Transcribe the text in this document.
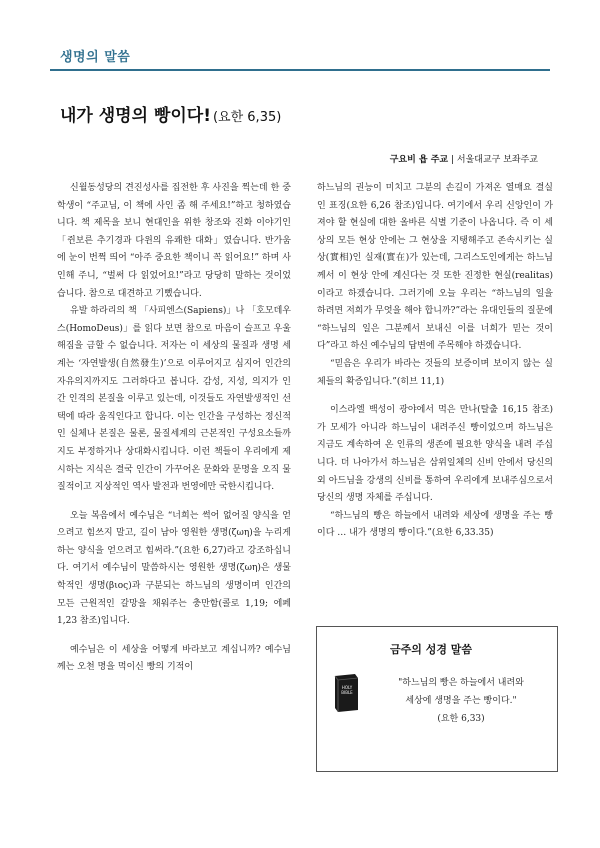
생명의 말씀
내가 생명의 빵이다! (요한 6,35)
구요비 욥 주교 | 서울대교구 보좌주교

신월동성당의 견진성사를 집전한 후 사진을 찍는데 한 중학생이 “주교님, 이 책에 사인 좀 해 주세요!”하고 청하였습니다. 책 제목을 보니 현대인을 위한 창조와 진화 이야기인 「쥔보른 추기경과 다윈의 유쾌한 대화」였습니다. 반가움에 눈이 번쩍 띄어 “아주 중요한 책이니 꼭 읽어요!” 하며 사인해 주니, “벌써 다 읽었어요!”라고 당당히 말하는 것이었습니다. 참으로 대견하고 기뻤습니다.

유발 하라리의 책 「사피엔스(Sapiens)」나 「호모데우스(HomoDeus)」를 읽다 보면 참으로 마음이 슬프고 우울해짐을 금할 수 없습니다. 저자는 이 세상의 물질과 생명 세계는 ‘자연발생(自然發生)’으로 이루어지고 심지어 인간의 자유의지까지도 그러하다고 봅니다. 감성, 지성, 의지가 인간 인격의 본질을 이루고 있는데, 이것들도 자연발생적인 선택에 따라 움직인다고 합니다. 이는 인간을 구성하는 정신적인 실체나 본질은 물론, 물질세계의 근본적인 구성요소들까지도 부정하거나 상대화시킵니다. 이런 책들이 우리에게 제시하는 지식은 결국 인간이 가꾸어온 문화와 문명을 오직 물질적이고 지상적인 역사 발전과 번영에만 국한시킵니다.

오늘 복음에서 예수님은 “너희는 썩어 없어질 양식을 얻으려고 힘쓰지 말고, 길이 남아 영원한 생명(ζωη)을 누리게 하는 양식을 얻으려고 힘써라.”(요한 6,27)라고 강조하십니다. 여기서 예수님이 말씀하시는 영원한 생명(ζωη)은 생물학적인 생명(βιος)과 구분되는 하느님의 생명이며 인간의 모든 근원적인 갈망을 채워주는 충만함(콜로 1,19; 에페 1,23 참조)입니다.

예수님은 이 세상을 어떻게 바라보고 계십니까? 예수님께는 오천 명을 먹이신 빵의 기적이

하느님의 권능이 미치고 그분의 손길이 가져온 열매요 결실인 표징(요한 6,26 참조)입니다. 여기에서 우리 신앙인이 가져야 할 현실에 대한 올바른 식별 기준이 나옵니다. 즉 이 세상의 모든 현상 안에는 그 현상을 지탱해주고 존속시키는 실상(實相)인 실재(實在)가 있는데, 그리스도인에게는 하느님께서 이 현상 안에 계신다는 것 또한 진정한 현실(realitas)이라고 하겠습니다. 그러기에 오늘 우리는 “하느님의 일을 하려면 저희가 무엇을 해야 합니까?”라는 유대인들의 질문에 “하느님의 일은 그분께서 보내신 이를 너희가 믿는 것이다”라고 하신 예수님의 답변에 주목해야 하겠습니다.

“믿음은 우리가 바라는 것들의 보증이며 보이지 않는 실체들의 확증입니다.”(히브 11,1)

이스라엘 백성이 광야에서 먹은 만나(탈출 16,15 참조)가 모세가 아니라 하느님이 내려주신 빵이었으며 하느님은 지금도 계속하여 온 인류의 생존에 필요한 양식을 내려 주십니다. 더 나아가서 하느님은 삼위일체의 신비 안에서 당신의 외 아드님을 강생의 신비를 통하여 우리에게 보내주심으로서 당신의 생명 자체를 주십니다.

“하느님의 빵은 하늘에서 내려와 세상에 생명을 주는 빵이다 … 내가 생명의 빵이다.”(요한 6,33.35)

HOLY
BIBLE
금주의 성경 말씀
"하느님의 빵은 하늘에서 내려와
세상에 생명을 주는 빵이다."
(요한 6,33)
